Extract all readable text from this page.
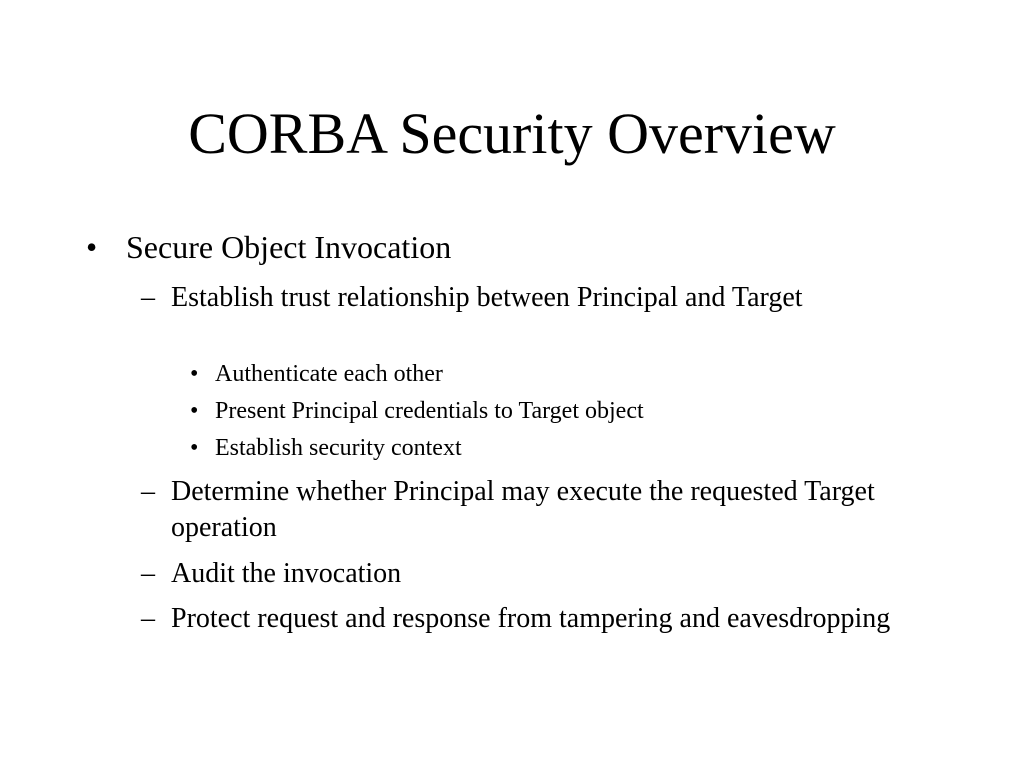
CORBA Security Overview
• Secure Object Invocation
– Establish trust relationship between Principal and Target
• Authenticate each other
• Present Principal credentials to Target object
• Establish security context
– Determine whether Principal may execute the requested Target operation
– Audit the invocation
– Protect request and response from tampering and eavesdropping
